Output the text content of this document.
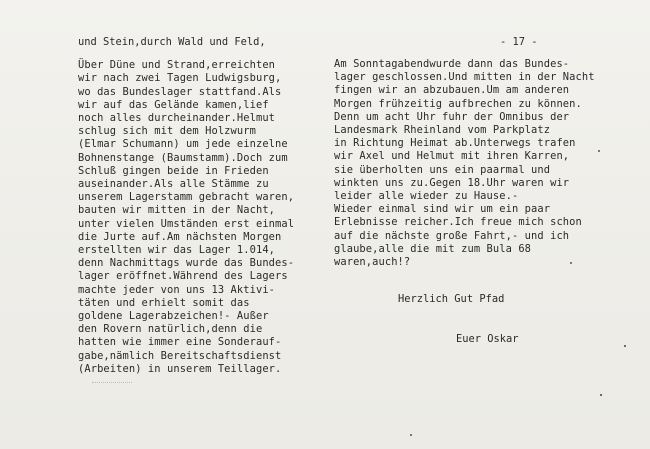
und Stein,durch Wald und Feld,
Über Düne und Strand,erreichten
wir nach zwei Tagen Ludwigsburg,
wo das Bundeslager stattfand.Als
wir auf das Gelände kamen,lief
noch alles durcheinander.Helmut
schlug sich mit dem Holzwurm
(Elmar Schumann) um jede einzelne
Bohnenstange (Baumstamm).Doch zum
Schluß gingen beide in Frieden
auseinander.Als alle Stämme zu
unserem Lagerstamm gebracht waren,
bauten wir mitten in der Nacht,
unter vielen Umständen erst einmal
die Jurte auf.Am nächsten Morgen
erstellten wir das Lager 1.014,
denn Nachmittags wurde das Bundes-
lager eröffnet.Während des Lagers
machte jeder von uns 13 Aktivi-
täten und erhielt somit das
goldene Lagerabzeichen!- Außer
den Rovern natürlich,denn die
hatten wie immer eine Sonderauf-
gabe,nämlich Bereitschaftsdienst
(Arbeiten) in unserem Teillager.
- 17 -
Am Sonntagabendwurde dann das Bundes-
lager geschlossen.Und mitten in der Nacht
fingen wir an abzubauen.Um am anderen
Morgen frühzeitig aufbrechen zu können.
Denn um acht Uhr fuhr der Omnibus der
Landesmark Rheinland vom Parkplatz
in Richtung Heimat ab.Unterwegs trafen
wir Axel und Helmut mit ihren Karren,
sie überholten uns ein paarmal und
winkten uns zu.Gegen 18.Uhr waren wir
leider alle wieder zu Hause.-
Wieder einmal sind wir um ein paar
Erlebnisse reicher.Ich freue mich schon
auf die nächste große Fahrt,- und ich
glaube,alle die mit zum Bula 68
waren,auch!?
Herzlich Gut Pfad
Euer Oskar
